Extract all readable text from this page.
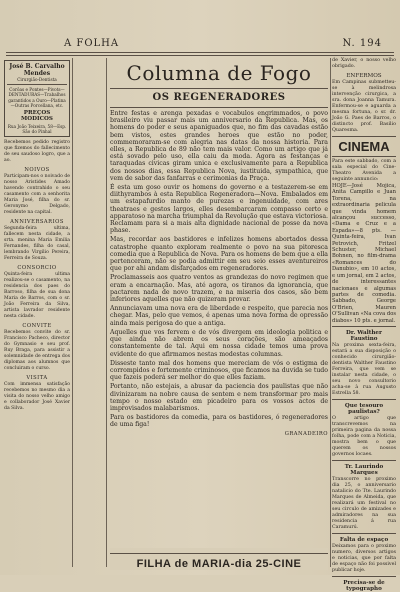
A FOLHA	N. 194
José B. Carvalho Mendes
Cirurgião-Dentista
Corôas e Pontes—Pivots—DENTADURAS—Trabalhos garantidos a Ouro—Platina—Outras Porcellana, etc.
PREÇOS MODICOS
Rua João Teixeira, 58—Esp. São do Pinhal
Recebemos pedido registro que fizemos do fallecimento de seu saudoso logro, que a ao.
NOIVOS
Participam-nos o noivado de nosso Aristides Amado havendo contrahido o seu casamento com a senhorita Maria José, filha do sr. Geronymo Delgado, residente na capital.
ANNIVERSARIOS
Segunda-feira ultima, fallecem nesta cidade, a srta. menina Maria Emilia Fernandes, filha do casal, lembrando Virgilio Pereira, Ferreira de Souza.
CONSORCIO
Quinta-feira ultima realizou-se o casamento, na residencia dos paes do Barroso, filha de sua dona Maria de Barros, com o sr. João Ferreira da Silva, artista lavrador residente nesta cidade.
CONVITE
Recebemos convite do sr. Francisco Pacheco, director do Gymnasio e seu prof. Ruy Braga, para assistir a solemnidade de entrega dos diplomas aos alumnos que concluiram o curso.
VISITA
Com immensa satisfação recebemos no mesmo dia a visita do nosso velho amigo e collaborador José Xavier da Silva.
Columna de Fogo
OS REGENERADORES

Entre festas e arenga pexadas e vocabulos engrimmados, o povo brasileiro viu passar mais um anniversario da Republica. Mas, os homens do poder e seus apaniguados que, no fim das cavadas estão bem vistos, estes grandes heroes que estão no poder, commemoraram-se com alegria nas datas da nossa historia. Para elles, a Republica de 89 não tem mais valor. Como um artigo que já está sovado pelo uso, ella caiu da moda. Agora as festanças e taraquadas civicas giram unica e exclusivamente para a Republica dos nossos dias, essa Republica Nova, iustituida, sympathica, que vem de sabor das fanfarras e cerimonias da Praça.

É esta um goso ouvir os homens do governo e a testazerem-se em diithyrambos à esta Republica Regeneradora—Nova. Embalados em um estapafurdio manto de purezas e ingenuidade, com ares theatraes e gestos largos, elles desembarcaram compasso certo e apparatoso na marcha triumphal da Revolução que estava victoriosa. Reclamam para si a mais alta dignidade nacional de posse da nova phase.

Mas, recordar aos bastidores e infelizes homens abortados dessa catastrophe quanto exploram realmente o povo na sua pitoresca comedia que a Republica de Nova. Para os homens de bem que a ella pertenceram, não se podia admittir em seu seio esses aventureiros que por ahi andam disfarçados em regeneradores.

Proclamasseis aos quatro ventos as grandezas do novo regimen que eram a encarnação. Mas, até agora, os tiranos da ignorancia, que pactarem nada de novo trazem, e na miseria dos casos, são bem inferiores aquelles que não quizeram provar.

Annunciavam uma nova era de liberdade e respeito, que parecia nos chegar. Mas, pelo que vemos, é apenas uma nova forma de opressão ainda mais perigosa do que a antiga.

Aquelles que vos fervem e de vós divergem em ideologia politica e que ainda não abrem os seus corações, são ameaçados constantemente de tal. Aqui em nossa cidade temos uma prova evidente do que afirmamos nestas modestas columnas.

Disseste tanto mal dos homens que mereciam de vós o estigma de corrompidos e fortemente criminosos, que ficamos na duvida se tudo que fazeis poderá ser melhor do que elles faziam.

Portanto, não estejais, a abusar da paciencia dos paulistas que não divinizaram na nobre causa de sentem e nem transformar pro mais tempo o nosso estado em picadeiro para os vossos actos de improvisados malabarismos.

Para os bastidores da comedia, para os bastidores, ó regeneradores de uma figa!

GRANADEIRO
FILHA de MARIA-dia 25-CINE
de Xavier, o nosso velho obrigado.
ENFERMOS
Em Campinas submetteu-se à melindrosa intervenção cirurgica, a sra. dona Joanna Tamura. Enfermou-se e aguarda a mesma fortuna, o sr. dr. João G. Paes de Barros, o distincto prof. Basilio Quaresma.
CINEMA
Para este sabbado, com a sala especial do Cine-Theatro Avenida a seguinte annuncio:
HOJE—José Mojica, Anita Campillo e Juan Torena, na extraordinaria pelicula que vinda homem alcançou successo, «Dama e Cruz e a Espada»—8 pts. —Quinta-feira, Ivan Petrovich, Fritzel Schuster, Michael Bohnen, no film-drama «Romances do Danubio», em 10 actos, e um jornal, em 2 actos, de interessantes nacionaes e algumas partes de comedia. Sabbado, George O'Brien, Mauren O'Sullivan «Na cova dos diabos» 10 pts. e jornal.
Dr. Walther Faustino
Na proxima sexta-feira, estará a sua disposição o conhecido cirurgião-dentista Walther Faustino Ferreira, que vem se instalar nesta cidade, o seu novo consultorio acha-se à rua Augusto Estrella 58.
Que tesouro paulistas?
O artigo que transcrevemos na primeira pagina da nossa folha, pode com a Noticia, mostra bem o que querem os nossos governos locaes.
Tr. Laurindo Marques
Transcorre no proximo dia 25, o anniversario natalicio do Tte. Laurindo Marques de Almeida, que realizará um festival no seu circulo de amizades e admiradores na sua residencia á rua Caramurú.
Falta de espaço
Deixamos para o proximo numero, diversos artigos e noticias, que por falta de espaço não foi possivel publicar hoje.
Precisa-se de typographo
